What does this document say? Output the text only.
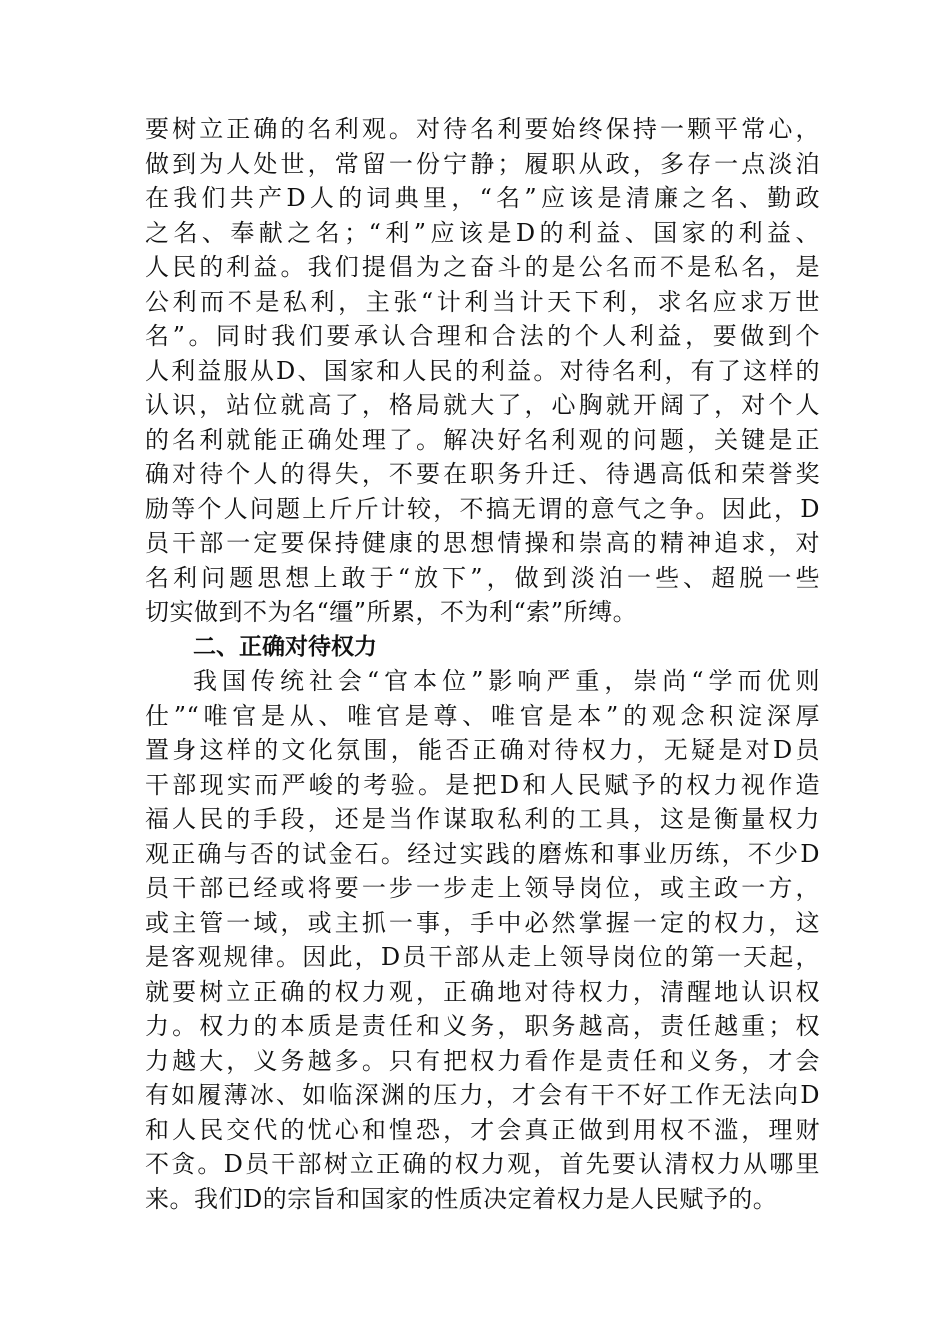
要树立正确的名利观。对待名利要始终保持一颗平常心，
做到为人处世，常留一份宁静；履职从政，多存一点淡泊
在我们共产D人的词典里，“名”应该是清廉之名、勤政
之名、奉献之名；“利”应该是D的利益、国家的利益、
人民的利益。我们提倡为之奋斗的是公名而不是私名，是
公利而不是私利，主张“计利当计天下利，求名应求万世
名”。同时我们要承认合理和合法的个人利益，要做到个
人利益服从D、国家和人民的利益。对待名利，有了这样的
认识，站位就高了，格局就大了，心胸就开阔了，对个人
的名利就能正确处理了。解决好名利观的问题，关键是正
确对待个人的得失，不要在职务升迁、待遇高低和荣誉奖
励等个人问题上斤斤计较，不搞无谓的意气之争。因此，D
员干部一定要保持健康的思想情操和崇高的精神追求，对
名利问题思想上敢于“放下”，做到淡泊一些、超脱一些
切实做到不为名“缰”所累，不为利“索”所缚。
二、正确对待权力
我国传统社会“官本位”影响严重，崇尚“学而优则
仕”“唯官是从、唯官是尊、唯官是本”的观念积淀深厚
置身这样的文化氛围，能否正确对待权力，无疑是对D员
干部现实而严峻的考验。是把D和人民赋予的权力视作造
福人民的手段，还是当作谋取私利的工具，这是衡量权力
观正确与否的试金石。经过实践的磨炼和事业历练，不少D
员干部已经或将要一步一步走上领导岗位，或主政一方，
或主管一域，或主抓一事，手中必然掌握一定的权力，这
是客观规律。因此，D员干部从走上领导岗位的第一天起，
就要树立正确的权力观，正确地对待权力，清醒地认识权
力。权力的本质是责任和义务，职务越高，责任越重；权
力越大，义务越多。只有把权力看作是责任和义务，才会
有如履薄冰、如临深渊的压力，才会有干不好工作无法向D
和人民交代的忧心和惶恐，才会真正做到用权不滥，理财
不贪。D员干部树立正确的权力观，首先要认清权力从哪里
来。我们D的宗旨和国家的性质决定着权力是人民赋予的。
